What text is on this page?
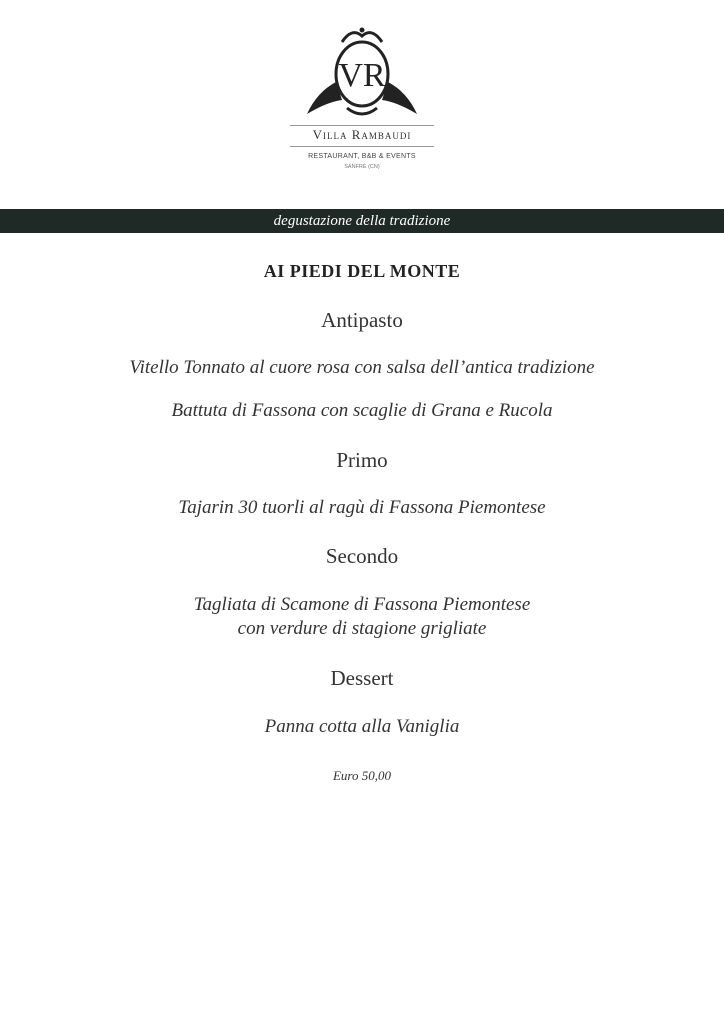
VR
Villa Rambaudi
RESTAURANT, B&B & EVENTS
SANFRÈ (CN)
degustazione della tradizione
AI PIEDI DEL MONTE
Antipasto
Vitello Tonnato al cuore rosa con salsa dell’antica tradizione
Battuta di Fassona con scaglie di Grana e Rucola
Primo
Tajarin 30 tuorli al ragù di Fassona Piemontese
Secondo
Tagliata di Scamone di Fassona Piemontese
con verdure di stagione grigliate
Dessert
Panna cotta alla Vaniglia
Euro 50,00
